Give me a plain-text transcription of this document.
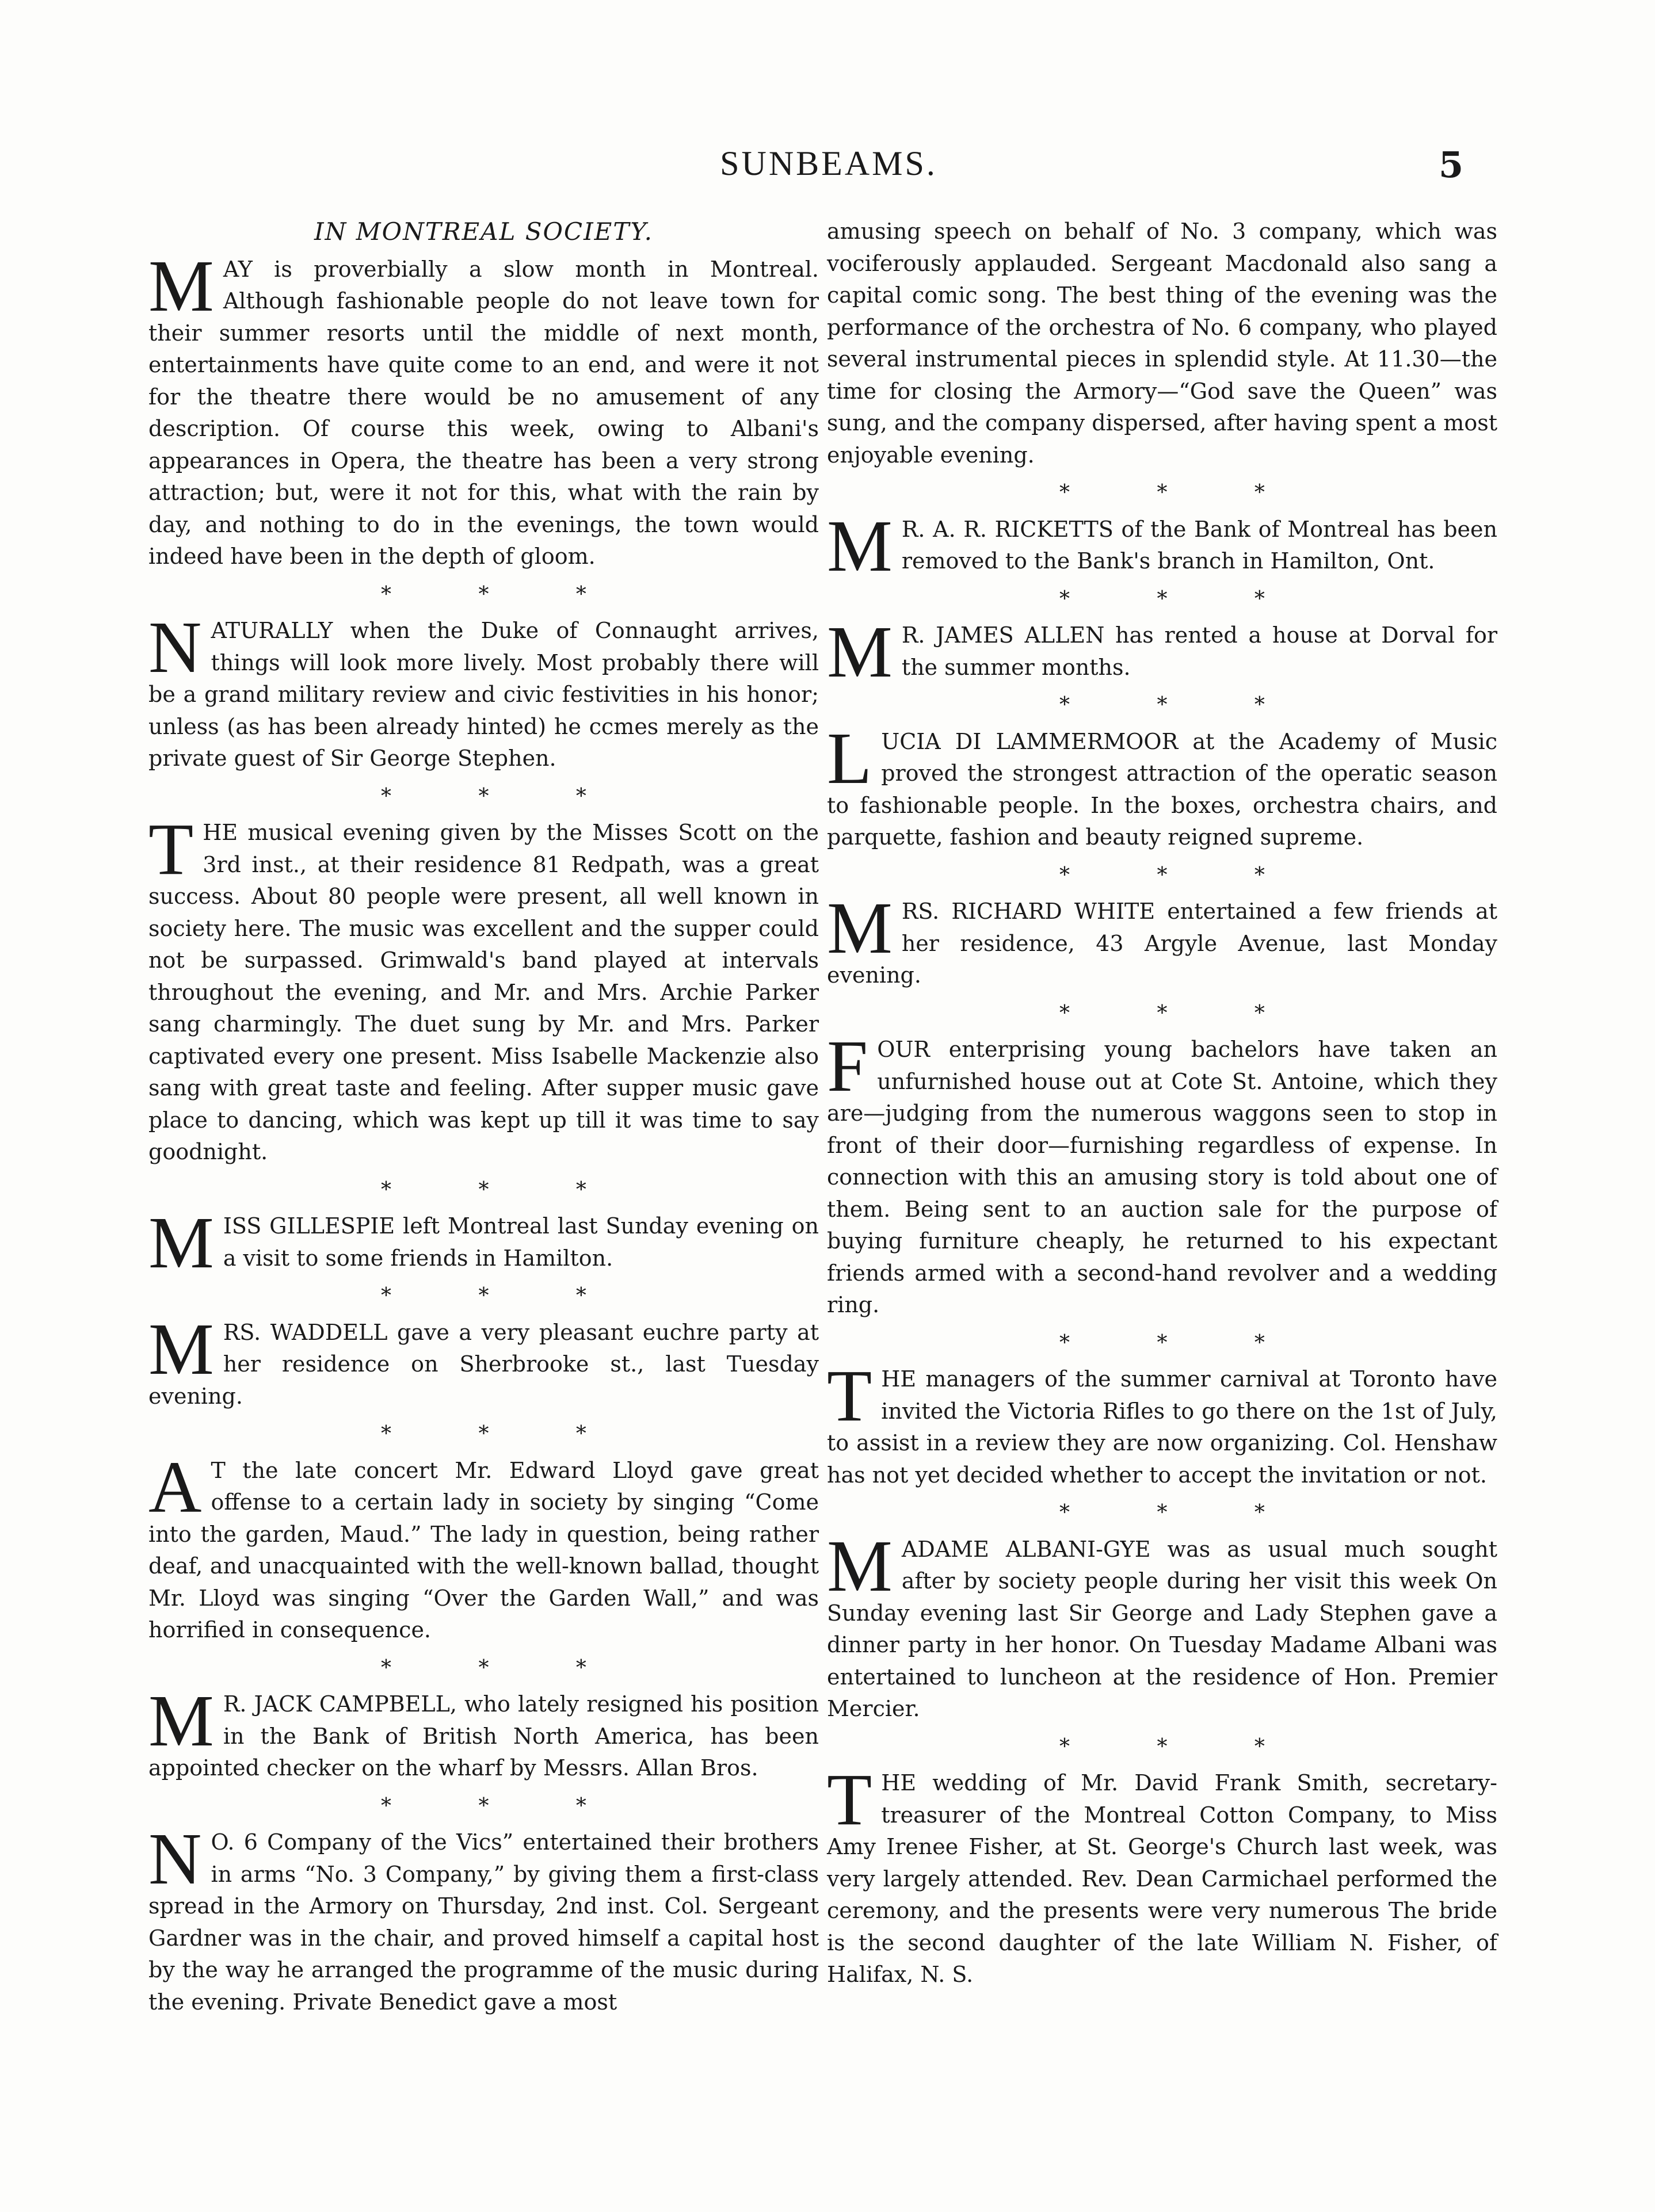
SUNBEAMS.	5
IN MONTREAL SOCIETY.

MAY is proverbially a slow month in Montreal. Although fashionable people do not leave town for their summer resorts until the middle of next month, entertainments have quite come to an end, and were it not for the theatre there would be no amusement of any description. Of course this week, owing to Albani's appearances in Opera, the theatre has been a very strong attraction; but, were it not for this, what with the rain by day, and nothing to do in the evenings, the town would indeed have been in the depth of gloom.

* * *

NATURALLY when the Duke of Connaught arrives, things will look more lively. Most probably there will be a grand military review and civic festivities in his honor; unless (as has been already hinted) he ccmes merely as the private guest of Sir George Stephen.

* * *

THE musical evening given by the Misses Scott on the 3rd inst., at their residence 81 Redpath, was a great success. About 80 people were present, all well known in society here. The music was excellent and the supper could not be surpassed. Grimwald's band played at intervals throughout the evening, and Mr. and Mrs. Archie Parker sang charmingly. The duet sung by Mr. and Mrs. Parker captivated every one present. Miss Isabelle Mackenzie also sang with great taste and feeling. After supper music gave place to dancing, which was kept up till it was time to say goodnight.

* * *

MISS GILLESPIE left Montreal last Sunday evening on a visit to some friends in Hamilton.

* * *

MRS. WADDELL gave a very pleasant euchre party at her residence on Sherbrooke st., last Tuesday evening.

* * *

A T the late concert Mr. Edward Lloyd gave great offense to a certain lady in society by singing “Come into the garden, Maud.” The lady in question, being rather deaf, and unacquainted with the well-known ballad, thought Mr. Lloyd was singing “Over the Garden Wall,” and was horrified in consequence.

* * *

M R. JACK CAMPBELL, who lately resigned his position in the Bank of British North America, has been appointed checker on the wharf by Messrs. Allan Bros.

* * *

N O. 6 Company of the Vics” entertained their brothers in arms “No. 3 Company,” by giving them a first-class spread in the Armory on Thursday, 2nd inst. Col. Sergeant Gardner was in the chair, and proved himself a capital host by the way he arranged the programme of the music during the evening. Private Benedict gave a most

amusing speech on behalf of No. 3 company, which was vociferously applauded. Sergeant Macdonald also sang a capital comic song. The best thing of the evening was the performance of the orchestra of No. 6 company, who played several instrumental pieces in splendid style. At 11.30—the time for closing the Armory—“God save the Queen” was sung, and the company dispersed, after having spent a most enjoyable evening.

* * *

M R. A. R. RICKETTS of the Bank of Montreal has been removed to the Bank's branch in Hamilton, Ont.

* * *

M R. JAMES ALLEN has rented a house at Dorval for the summer months.

* * *

LUCIA DI LAMMERMOOR at the Academy of Music proved the strongest attraction of the operatic season to fashionable people. In the boxes, orchestra chairs, and parquette, fashion and beauty reigned supreme.

* * *

MRS. RICHARD WHITE entertained a few friends at her residence, 43 Argyle Avenue, last Monday evening.

* * *

FOUR enterprising young bachelors have taken an unfurnished house out at Cote St. Antoine, which they are—judging from the numerous waggons seen to stop in front of their door—furnishing regardless of expense. In connection with this an amusing story is told about one of them. Being sent to an auction sale for the purpose of buying furniture cheaply, he returned to his expectant friends armed with a second-hand revolver and a wedding ring.

* * *

THE managers of the summer carnival at Toronto have invited the Victoria Rifles to go there on the 1st of July, to assist in a review they are now organizing. Col. Henshaw has not yet decided whether to accept the invitation or not.

* * *

MADAME ALBANI-GYE was as usual much sought after by society people during her visit this week On Sunday evening last Sir George and Lady Stephen gave a dinner party in her honor. On Tuesday Madame Albani was entertained to luncheon at the residence of Hon. Premier Mercier.

* * *

THE wedding of Mr. David Frank Smith, secretary-treasurer of the Montreal Cotton Company, to Miss Amy Irenee Fisher, at St. George's Church last week, was very largely attended. Rev. Dean Carmichael performed the ceremony, and the presents were very numerous The bride is the second daughter of the late William N. Fisher, of Halifax, N. S.
